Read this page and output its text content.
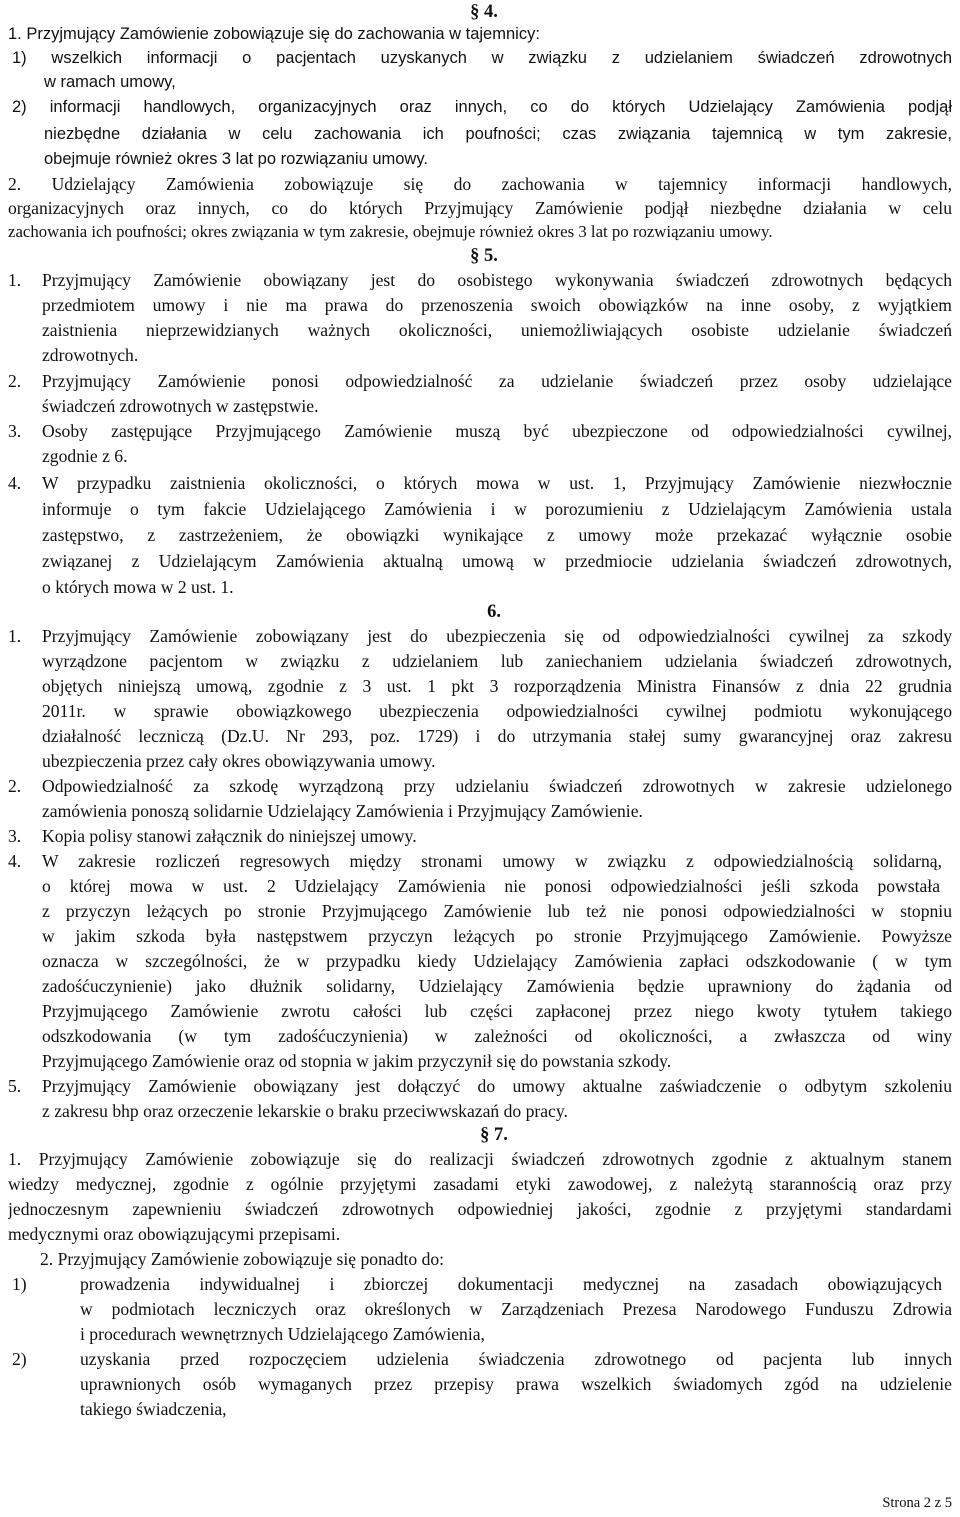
§ 4.
1. Przyjmujący Zamówienie zobowiązuje się do zachowania w tajemnicy:
1) wszelkich informacji o pacjentach uzyskanych w związku z udzielaniem świadczeń zdrowotnych
w ramach umowy,
2) informacji handlowych, organizacyjnych oraz innych, co do których Udzielający Zamówienia podjął
niezbędne działania w celu zachowania ich poufności; czas związania tajemnicą w tym zakresie,
obejmuje również okres 3 lat po rozwiązaniu umowy.
2. Udzielający Zamówienia zobowiązuje się do zachowania w tajemnicy informacji handlowych,
organizacyjnych oraz innych, co do których Przyjmujący Zamówienie podjął niezbędne działania w celu
zachowania ich poufności; okres związania w tym zakresie, obejmuje również okres 3 lat po rozwiązaniu umowy.
§ 5.
1. Przyjmujący Zamówienie obowiązany jest do osobistego wykonywania świadczeń zdrowotnych będących
przedmiotem umowy i nie ma prawa do przenoszenia swoich obowiązków na inne osoby, z wyjątkiem
zaistnienia nieprzewidzianych ważnych okoliczności, uniemożliwiających osobiste udzielanie świadczeń
zdrowotnych.
2. Przyjmujący Zamówienie ponosi odpowiedzialność za udzielanie świadczeń przez osoby udzielające
świadczeń zdrowotnych w zastępstwie.
3. Osoby zastępujące Przyjmującego Zamówienie muszą być ubezpieczone od odpowiedzialności cywilnej,
zgodnie z 6.
4. W przypadku zaistnienia okoliczności, o których mowa w ust. 1, Przyjmujący Zamówienie niezwłocznie
informuje o tym fakcie Udzielającego Zamówienia i w porozumieniu z Udzielającym Zamówienia ustala
zastępstwo, z zastrzeżeniem, że obowiązki wynikające z umowy może przekazać wyłącznie osobie
związanej z Udzielającym Zamówienia aktualną umową w przedmiocie udzielania świadczeń zdrowotnych,
o których mowa w 2 ust. 1.
6.
1. Przyjmujący Zamówienie zobowiązany jest do ubezpieczenia się od odpowiedzialności cywilnej za szkody
wyrządzone pacjentom w związku z udzielaniem lub zaniechaniem udzielania świadczeń zdrowotnych,
objętych niniejszą umową, zgodnie z 3 ust. 1 pkt 3 rozporządzenia Ministra Finansów z dnia 22 grudnia
2011r. w sprawie obowiązkowego ubezpieczenia odpowiedzialności cywilnej podmiotu wykonującego
działalność leczniczą (Dz.U. Nr 293, poz. 1729) i do utrzymania stałej sumy gwarancyjnej oraz zakresu
ubezpieczenia przez cały okres obowiązywania umowy.
2. Odpowiedzialność za szkodę wyrządzoną przy udzielaniu świadczeń zdrowotnych w zakresie udzielonego
zamówienia ponoszą solidarnie Udzielający Zamówienia i Przyjmujący Zamówienie.
3. Kopia polisy stanowi załącznik do niniejszej umowy.
4. W zakresie rozliczeń regresowych między stronami umowy w związku z odpowiedzialnością solidarną,
o której mowa w ust. 2 Udzielający Zamówienia nie ponosi odpowiedzialności jeśli szkoda powstała
z przyczyn leżących po stronie Przyjmującego Zamówienie lub też nie ponosi odpowiedzialności w stopniu
w jakim szkoda była następstwem przyczyn leżących po stronie Przyjmującego Zamówienie. Powyższe
oznacza w szczególności, że w przypadku kiedy Udzielający Zamówienia zapłaci odszkodowanie ( w tym
zadośćuczynienie) jako dłużnik solidarny, Udzielający Zamówienia będzie uprawniony do żądania od
Przyjmującego Zamówienie zwrotu całości lub części zapłaconej przez niego kwoty tytułem takiego
odszkodowania (w tym zadośćuczynienia) w zależności od okoliczności, a zwłaszcza od winy
Przyjmującego Zamówienie oraz od stopnia w jakim przyczynił się do powstania szkody.
5. Przyjmujący Zamówienie obowiązany jest dołączyć do umowy aktualne zaświadczenie o odbytym szkoleniu
z zakresu bhp oraz orzeczenie lekarskie o braku przeciwwskazań do pracy.
§ 7.
1. Przyjmujący Zamówienie zobowiązuje się do realizacji świadczeń zdrowotnych zgodnie z aktualnym stanem
wiedzy medycznej, zgodnie z ogólnie przyjętymi zasadami etyki zawodowej, z należytą starannością oraz przy
jednoczesnym zapewnieniu świadczeń zdrowotnych odpowiedniej jakości, zgodnie z przyjętymi standardami
medycznymi oraz obowiązującymi przepisami.
2. Przyjmujący Zamówienie zobowiązuje się ponadto do:
1)	prowadzenia indywidualnej i zbiorczej dokumentacji medycznej na zasadach obowiązujących
w podmiotach leczniczych oraz określonych w Zarządzeniach Prezesa Narodowego Funduszu Zdrowia
i procedurach wewnętrznych Udzielającego Zamówienia,
2)	uzyskania przed rozpoczęciem udzielenia świadczenia zdrowotnego od pacjenta lub innych
uprawnionych osób wymaganych przez przepisy prawa wszelkich świadomych zgód na udzielenie
takiego świadczenia,
Strona 2 z 5
